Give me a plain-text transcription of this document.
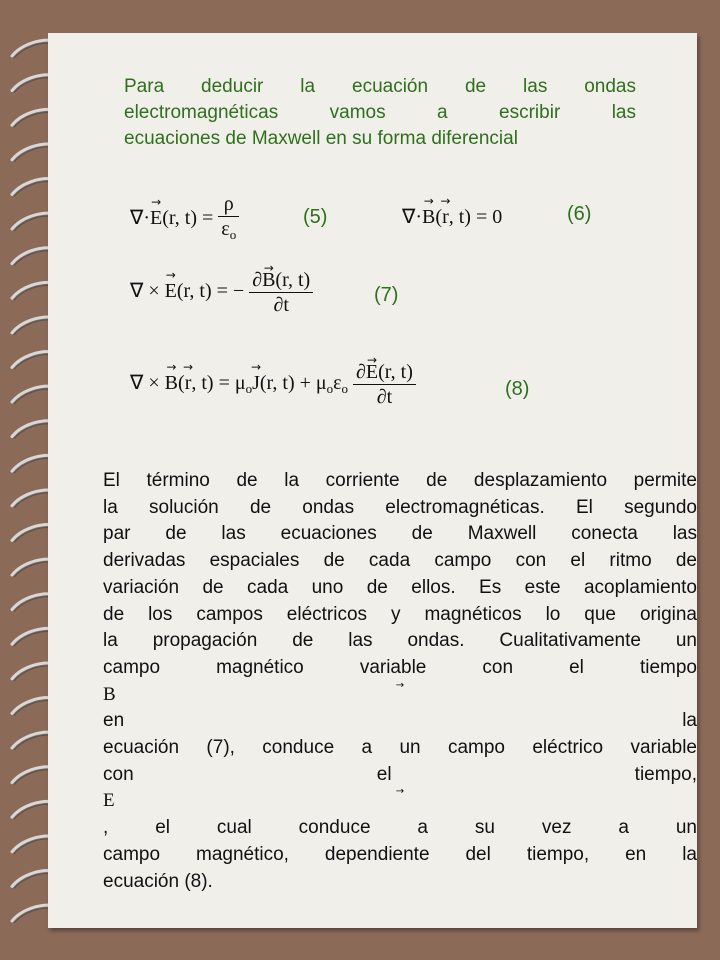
Para deducir la ecuación de las ondas
electromagnéticas vamos a escribir las
ecuaciones de Maxwell en su forma diferencial
∇·→ E(r, $t) = \frac{\rho}{\varepsilon_o}$	(5)	∇·→ B(→ r, t) = 0	(6)
∇ × → E(r, t) = − $\frac{\partial\to B(r, t)}{\partial t}$	(7)
∇ × → B(→ r, $t) = \mu_o\to J(r$, $t) + \mu_o\varepsilon_o \frac{\partial\to E(r, t)}{\partial t}$	(8)
El término de la corriente de desplazamiento permite
la solución de ondas electromagnéticas. El segundo
par de las ecuaciones de Maxwell conecta las
derivadas espaciales de cada campo con el ritmo de
variación de cada uno de ellos. Es este acoplamiento
de los campos eléctricos y magnéticos lo que origina
la propagación de las ondas. Cualitativamente un
campo magnético variable con el tiempo
→ B
en la
ecuación (7), conduce a un campo eléctrico variable
con el tiempo,
→ E
, el cual conduce a su vez a un
campo magnético, dependiente del tiempo, en la
ecuación (8).
